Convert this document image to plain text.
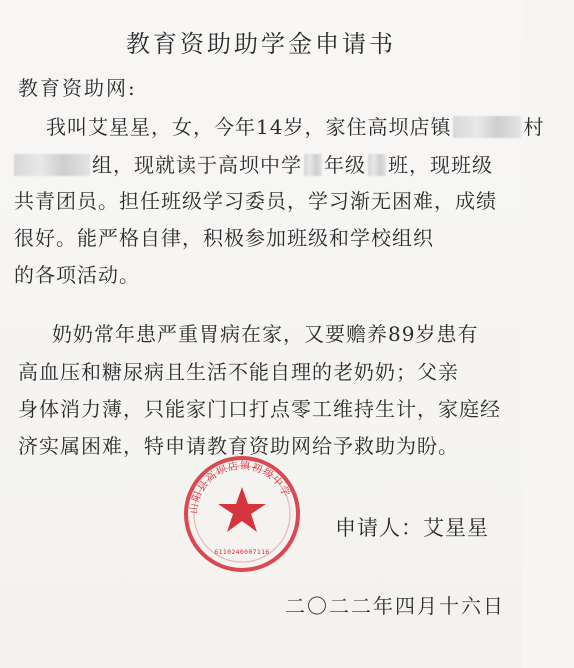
教育资助助学金申请书
教育资助网:
我叫艾星星，女，今年14岁，家住高坝店镇	村
组，现就读于高坝中学 年级 班，现班级
共青团员。担任班级学习委员，学习渐无困难，成绩
很好。能严格自律，积极参加班级和学校组织
的各项活动。
奶奶常年患严重胃病在家，又要赡养89岁患有
高血压和糖尿病且生活不能自理的老奶奶；父亲
身体消力薄，只能家门口打点零工维持生计，家庭经
济实属困难，特申请教育资助网给予救助为盼。
山阳县高坝店镇初级中学
6110240007116
申请人：艾星星
二〇二二年四月十六日
